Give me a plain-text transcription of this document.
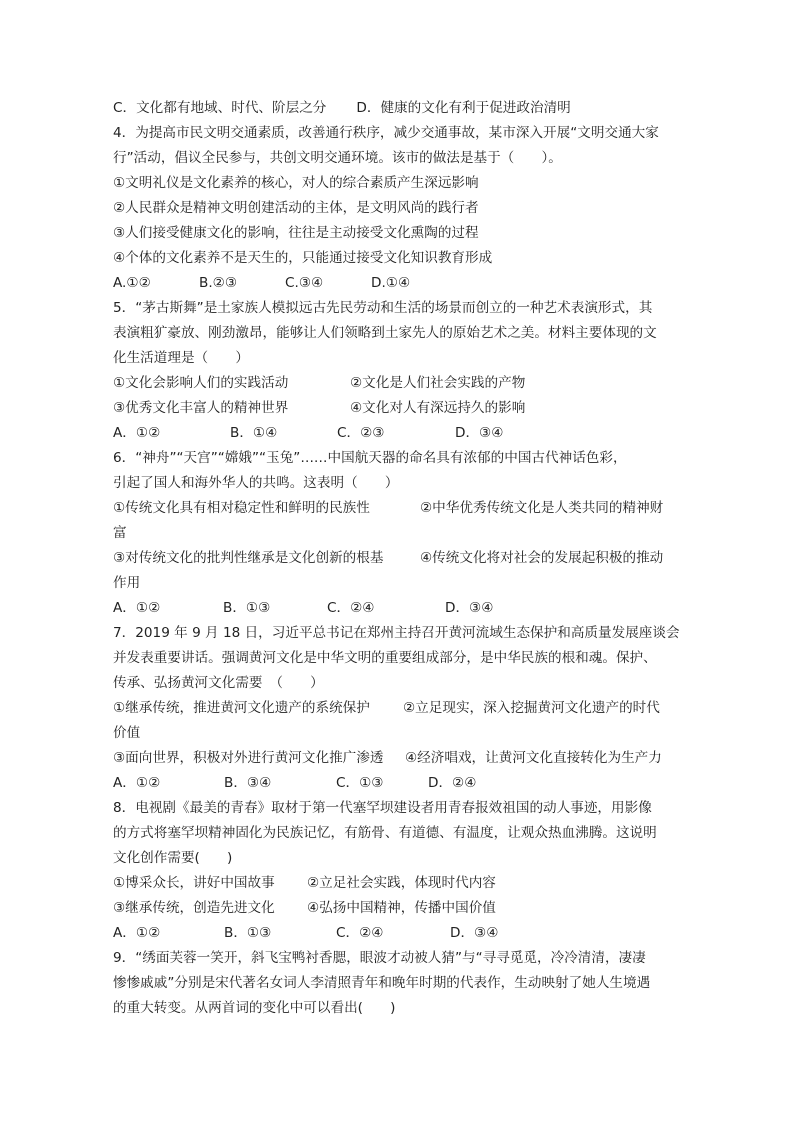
C．文化都有地域、时代、阶层之分 D．健康的文化有利于促进政治清明
4．为提高市民文明交通素质，改善通行秩序，减少交通事故，某市深入开展“文明交通大家
行”活动，倡议全民参与，共创文明交通环境。该市的做法是基于（　　）。
①文明礼仪是文化素养的核心，对人的综合素质产生深远影响
②人民群众是精神文明创建活动的主体，是文明风尚的践行者
③人们接受健康文化的影响，往往是主动接受文化熏陶的过程
④个体的文化素养不是天生的，只能通过接受文化知识教育形成
A.①②	B.②③	C.③④	D.①④
5．“茅古斯舞”是土家族人模拟远古先民劳动和生活的场景而创立的一种艺术表演形式，其
表演粗犷豪放、刚劲激昂，能够让人们领略到土家先人的原始艺术之美。材料主要体现的文
化生活道理是（　　）
①文化会影响人们的实践活动	②文化是人们社会实践的产物
③优秀文化丰富人的精神世界	④文化对人有深远持久的影响
A．①②	B．①④	C．②③	D．③④
6．“神舟”“天宫”“嫦娥”“玉兔”……中国航天器的命名具有浓郁的中国古代神话色彩，
引起了国人和海外华人的共鸣。这表明（　　）
①传统文化具有相对稳定性和鲜明的民族性	②中华优秀传统文化是人类共同的精神财
富
③对传统文化的批判性继承是文化创新的根基	④传统文化将对社会的发展起积极的推动
作用
A．①②	B．①③	C．②④	D．③④
7．2019 年 9 月 18 日，习近平总书记在郑州主持召开黄河流域生态保护和高质量发展座谈会
并发表重要讲话。强调黄河文化是中华文明的重要组成部分，是中华民族的根和魂。保护、
传承、弘扬黄河文化需要　（　　）
①继承传统，推进黄河文化遗产的系统保护 ②立足现实，深入挖掘黄河文化遗产的时代
价值
③面向世界，积极对外进行黄河文化推广渗透 ④经济唱戏，让黄河文化直接转化为生产力
A．①②	B．③④	C．①③	D．②④
8．电视剧《最美的青春》取材于第一代塞罕坝建设者用青春报效祖国的动人事迹，用影像
的方式将塞罕坝精神固化为民族记忆，有筋骨、有道德、有温度，让观众热血沸腾。这说明
文化创作需要(　　)
①博采众长，讲好中国故事 ②立足社会实践，体现时代内容
③继承传统，创造先进文化 ④弘扬中国精神，传播中国价值
A．①②	B．①③	C．②④	D．③④
9．“绣面芙蓉一笑开，斜飞宝鸭衬香腮，眼波才动被人猜”与“寻寻觅觅，冷冷清清，凄凄
惨惨戚戚”分别是宋代著名女词人李清照青年和晚年时期的代表作，生动映射了她人生境遇
的重大转变。从两首词的变化中可以看出(　　)
